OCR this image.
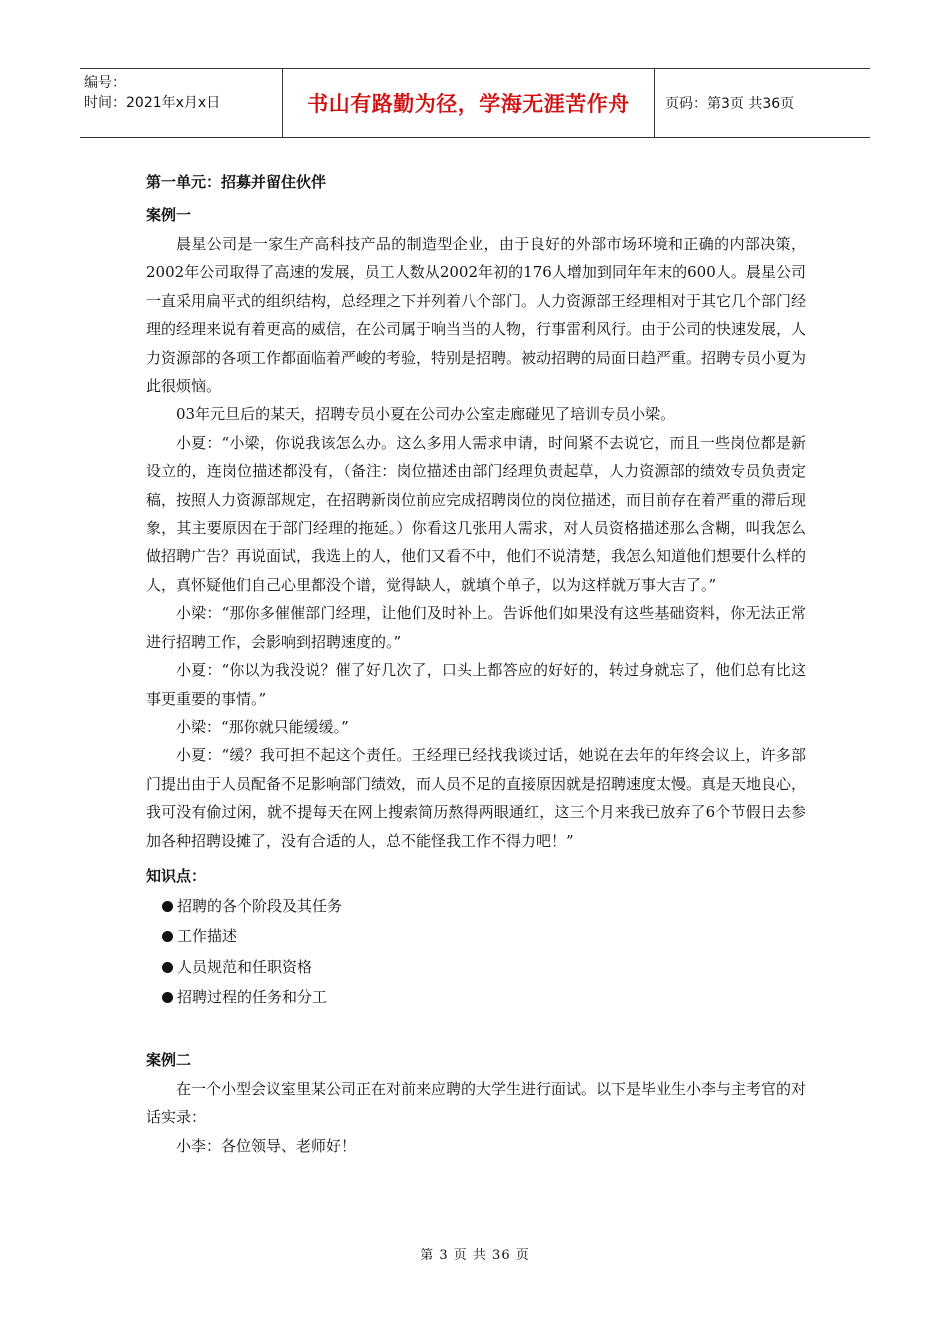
编号：
时间：2021年x月x日	书山有路勤为径，学海无涯苦作舟	页码：第3页 共36页
第一单元：招募并留住伙伴
案例一

晨星公司是一家生产高科技产品的制造型企业，由于良好的外部市场环境和正确的内部决策，2002年公司取得了高速的发展，员工人数从2002年初的176人增加到同年年末的600人。晨星公司一直采用扁平式的组织结构，总经理之下并列着八个部门。人力资源部王经理相对于其它几个部门经理的经理来说有着更高的威信，在公司属于响当当的人物，行事雷利风行。由于公司的快速发展，人力资源部的各项工作都面临着严峻的考验，特别是招聘。被动招聘的局面日趋严重。招聘专员小夏为此很烦恼。

03年元旦后的某天，招聘专员小夏在公司办公室走廊碰见了培训专员小梁。

小夏：“小梁，你说我该怎么办。这么多用人需求申请，时间紧不去说它，而且一些岗位都是新设立的，连岗位描述都没有，（备注：岗位描述由部门经理负责起草，人力资源部的绩效专员负责定稿，按照人力资源部规定，在招聘新岗位前应完成招聘岗位的岗位描述，而目前存在着严重的滞后现象，其主要原因在于部门经理的拖延。）你看这几张用人需求，对人员资格描述那么含糊，叫我怎么做招聘广告？再说面试，我选上的人，他们又看不中，他们不说清楚，我怎么知道他们想要什么样的人，真怀疑他们自己心里都没个谱，觉得缺人，就填个单子，以为这样就万事大吉了。”

小梁：“那你多催催部门经理，让他们及时补上。告诉他们如果没有这些基础资料，你无法正常进行招聘工作，会影响到招聘速度的。”

小夏：“你以为我没说？催了好几次了，口头上都答应的好好的，转过身就忘了，他们总有比这事更重要的事情。”

小梁：“那你就只能缓缓。”

小夏：“缓？我可担不起这个责任。王经理已经找我谈过话，她说在去年的年终会议上，许多部门提出由于人员配备不足影响部门绩效，而人员不足的直接原因就是招聘速度太慢。真是天地良心，我可没有偷过闲，就不提每天在网上搜索简历熬得两眼通红，这三个月来我已放弃了6个节假日去参加各种招聘设摊了，没有合适的人，总不能怪我工作不得力吧！”

知识点：
招聘的各个阶段及其任务
工作描述
人员规范和任职资格
招聘过程的任务和分工
案例二

在一个小型会议室里某公司正在对前来应聘的大学生进行面试。以下是毕业生小李与主考官的对话实录：

小李：各位领导、老师好！

第 3 页 共 36 页
